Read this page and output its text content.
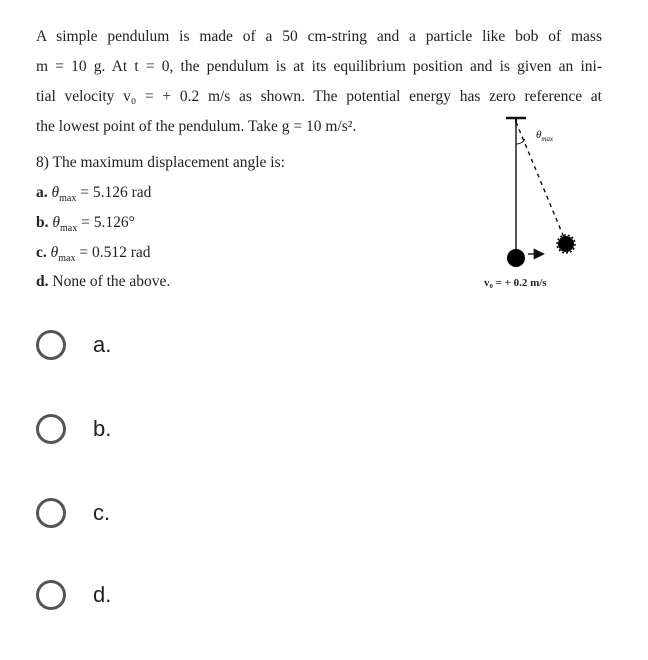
A simple pendulum is made of a 50 cm-string and a particle like bob of mass
m = 10 g. At t = 0, the pendulum is at its equilibrium position and is given an ini-
tial velocity v₀ = + 0.2 m/s as shown. The potential energy has zero reference at
the lowest point of the pendulum. Take g = 10 m/s².
8) The maximum displacement angle is:
a. $\theta_{max} = 5.126$ rad
b. $\theta_{max} = 5.126^\circ$
c. $\theta_{max} = 0.512$ rad
d. None of the above.
$\theta_{max}$
v₀ = + 0.2 m/s
a.
b.
c.
d.
